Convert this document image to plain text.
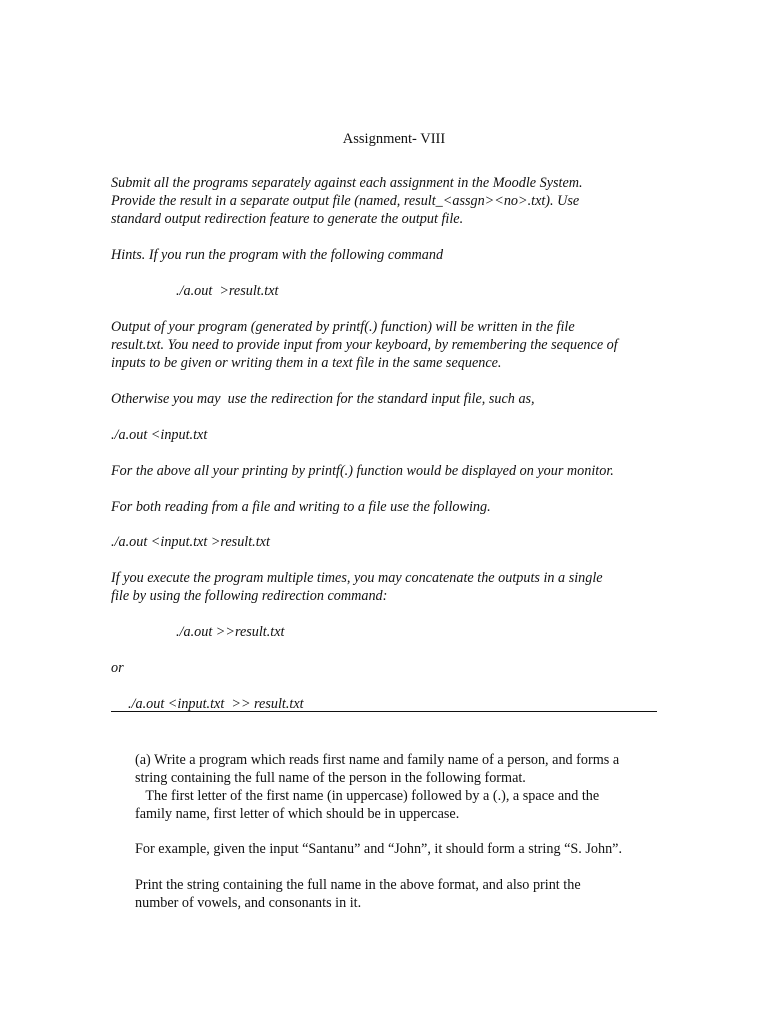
Assignment- VIII

Submit all the programs separately against each assignment in the Moodle System.

Provide the result in a separate output file (named, result_<assgn><no>.txt). Use

standard output redirection feature to generate the output file.

Hints. If you run the program with the following command

./a.out  >result.txt

Output of your program (generated by printf(.) function) will be written in the file

result.txt. You need to provide input from your keyboard, by remembering the sequence of

inputs to be given or writing them in a text file in the same sequence.

Otherwise you may  use the redirection for the standard input file, such as,

./a.out <input.txt

For the above all your printing by printf(.) function would be displayed on your monitor.

For both reading from a file and writing to a file use the following.

./a.out <input.txt >result.txt

If you execute the program multiple times, you may concatenate the outputs in a single

file by using the following redirection command:

./a.out >>result.txt

or

./a.out <input.txt  >> result.txt

(a) Write a program which reads first name and family name of a person, and forms a

string containing the full name of the person in the following format.

The first letter of the first name (in uppercase) followed by a (.), a space and the

family name, first letter of which should be in uppercase.

For example, given the input “Santanu” and “John”, it should form a string “S. John”.

Print the string containing the full name in the above format, and also print the

number of vowels, and consonants in it.
